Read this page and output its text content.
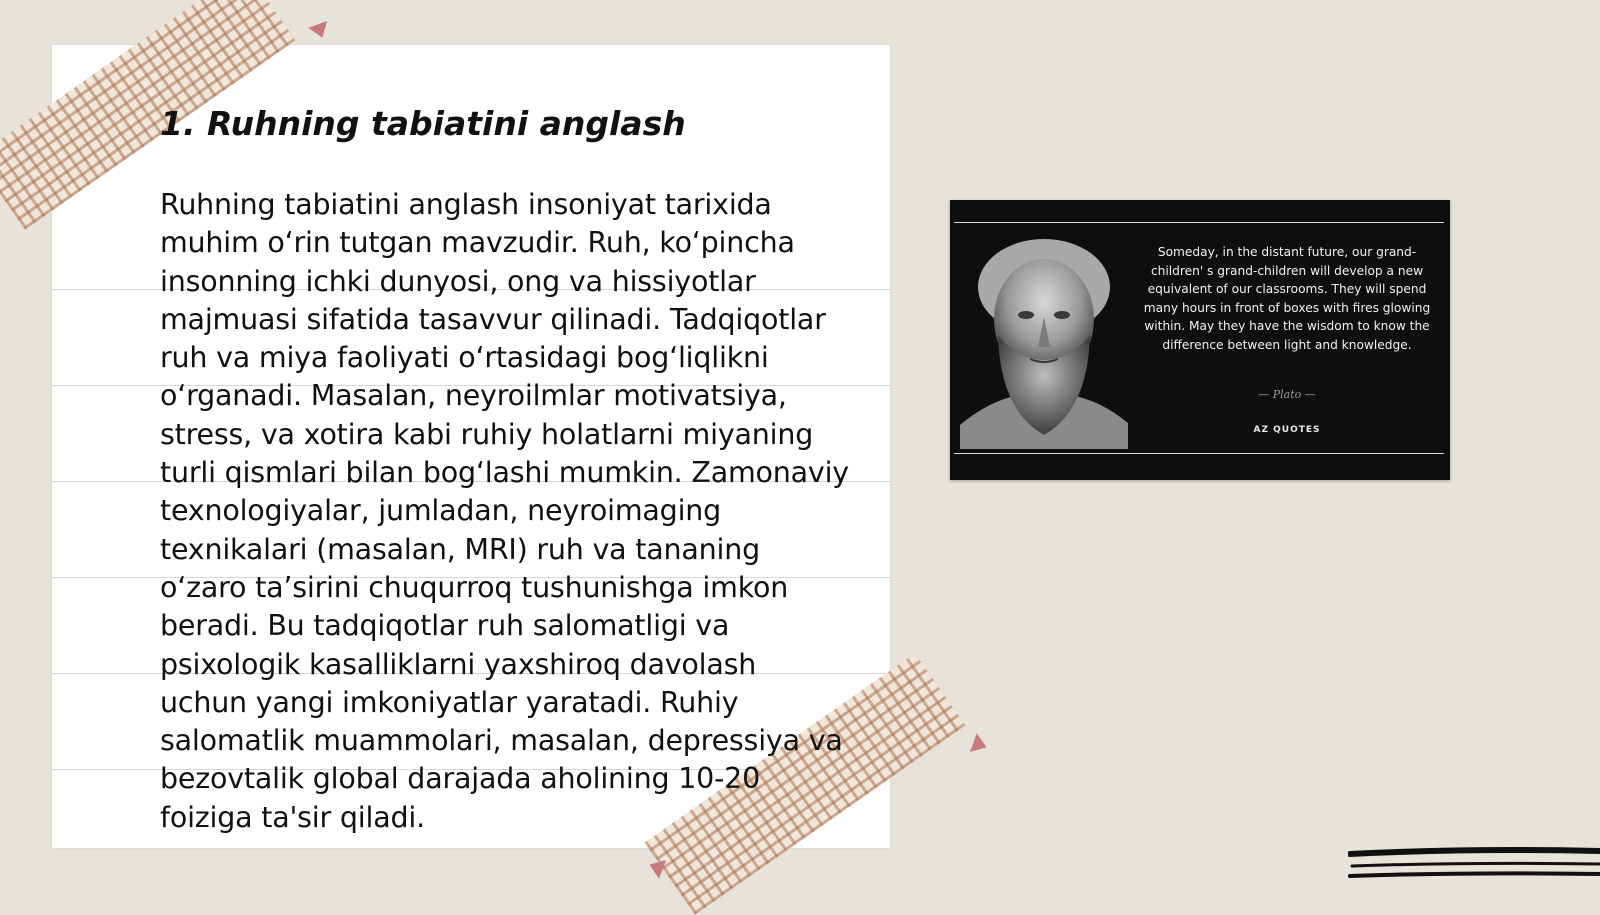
1. Ruhning tabiatini anglash

Ruhning tabiatini anglash insoniyat tarixida muhim o‘rin tutgan mavzudir. Ruh, ko‘pincha insonning ichki dunyosi, ong va hissiyotlar majmuasi sifatida tasavvur qilinadi. Tadqiqotlar ruh va miya faoliyati o‘rtasidagi bog‘liqlikni o‘rganadi. Masalan, neyroilmlar motivatsiya, stress, va xotira kabi ruhiy holatlarni miyaning turli qismlari bilan bog‘lashi mumkin. Zamonaviy texnologiyalar, jumladan, neyroimaging texnikalari (masalan, MRI) ruh va tananing o‘zaro ta’sirini chuqurroq tushunishga imkon beradi. Bu tadqiqotlar ruh salomatligi va psixologik kasalliklarni yaxshiroq davolash uchun yangi imkoniyatlar yaratadi. Ruhiy salomatlik muammolari, masalan, depressiya va bezovtalik global darajada aholining 10-20 foiziga ta'sir qiladi.

Someday, in the distant future, our grand-children' s grand-children will develop a new equivalent of our classrooms. They will spend many hours in front of boxes with fires glowing within. May they have the wisdom to know the difference between light and knowledge.

— Plato —
AZ QUOTES
